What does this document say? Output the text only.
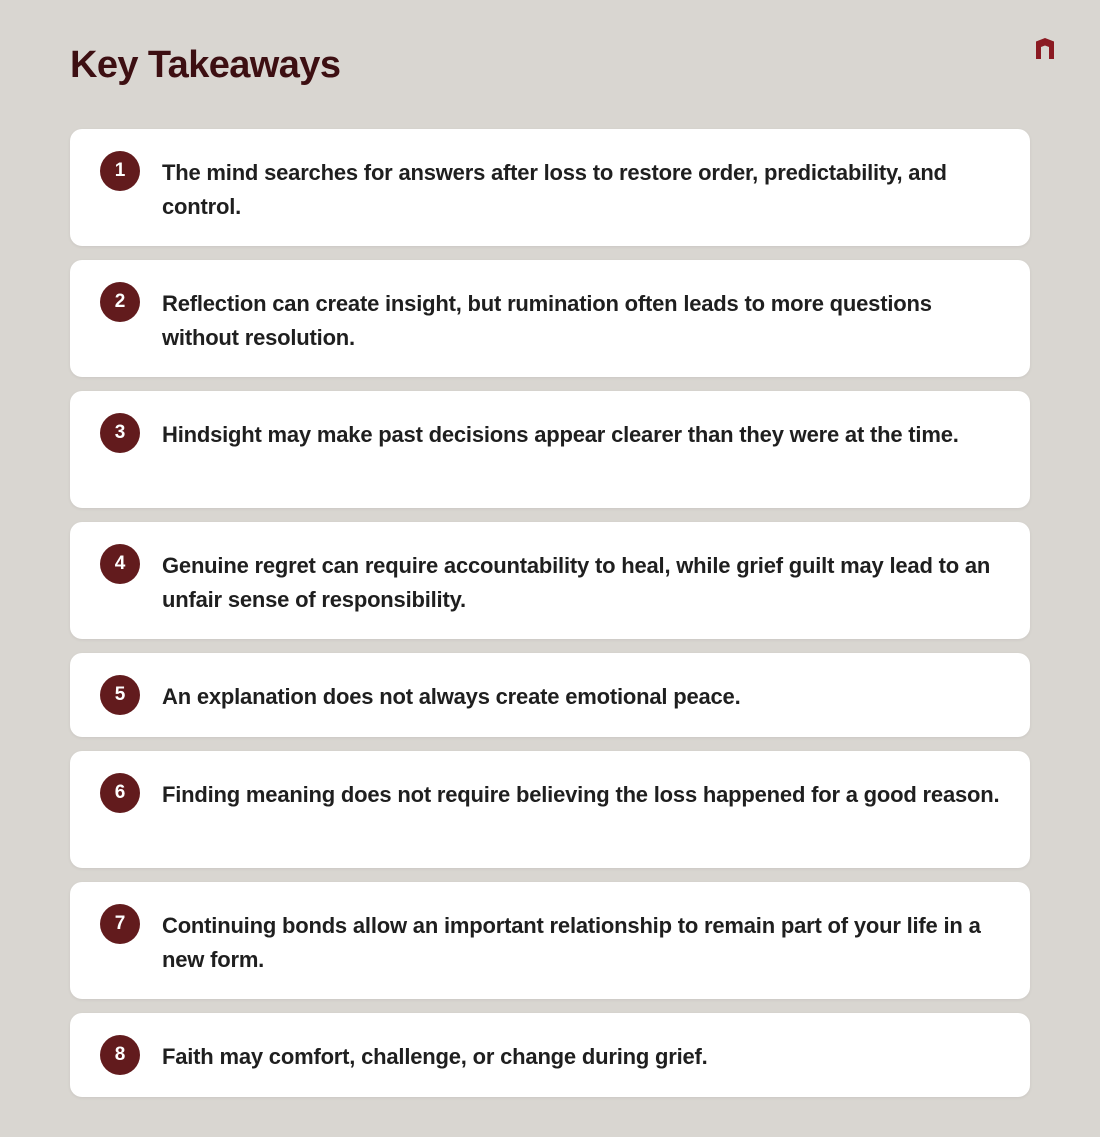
Key Takeaways
1	The mind searches for answers after loss to restore order, predictability, and control.

2	Reflection can create insight, but rumination often leads to more questions without resolution.

3	Hindsight may make past decisions appear clearer than they were at the time.

4	Genuine regret can require accountability to heal, while grief guilt may lead to an unfair sense of responsibility.

5	An explanation does not always create emotional peace.

6	Finding meaning does not require believing the loss happened for a good reason.

7	Continuing bonds allow an important relationship to remain part of your life in a new form.

8	Faith may comfort, challenge, or change during grief.
